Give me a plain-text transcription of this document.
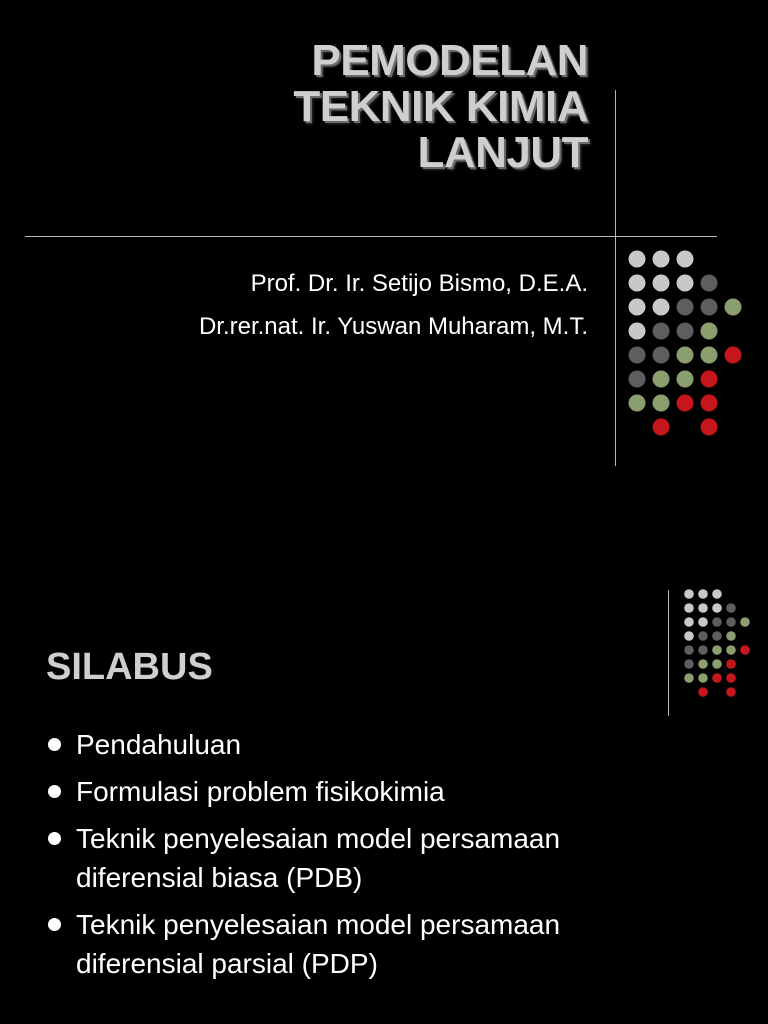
PEMODELAN
TEKNIK KIMIA
LANJUT
Prof. Dr. Ir. Setijo Bismo, D.E.A.
Dr.rer.nat. Ir. Yuswan Muharam, M.T.
SILABUS
Pendahuluan
Formulasi problem fisikokimia
Teknik penyelesaian model persamaan
diferensial biasa (PDB)
Teknik penyelesaian model persamaan
diferensial parsial (PDP)
